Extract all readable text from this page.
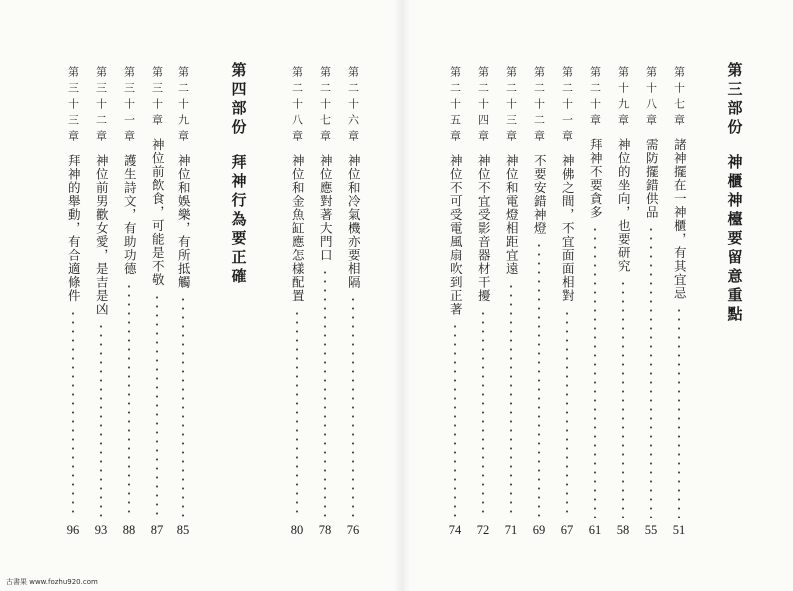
第三部份
神櫃神檯要留意重點
第十七章
諸神擺在一神櫃，有其宜忌
51
第十八章
需防擺錯供品
55
第十九章
神位的坐向，也要研究
58
第二十章
拜神不要貪多
61
第二十一章
神佛之間，不宜面面相對
67
第二十二章
不要安錯神燈
69
第二十三章
神位和電燈相距宜遠
71
第二十四章
神位不宜受影音器材干擾
72
第二十五章
神位不可受電風扇吹到正著
74
第二十六章
神位和冷氣機亦要相隔
76
第二十七章
神位應對著大門口
78
第二十八章
神位和金魚缸應怎樣配置
80
第四部份
拜神行為要正確
第二十九章
神位和娛樂，有所抵觸
85
第三十章
神位前飲食，可能是不敬
87
第三十一章
護生詩文，有助功德
88
第三十二章
神位前男歡女愛，是吉是凶
93
第三十三章
拜神的舉動，有合適條件
96
古書果 www.fozhu920.com
